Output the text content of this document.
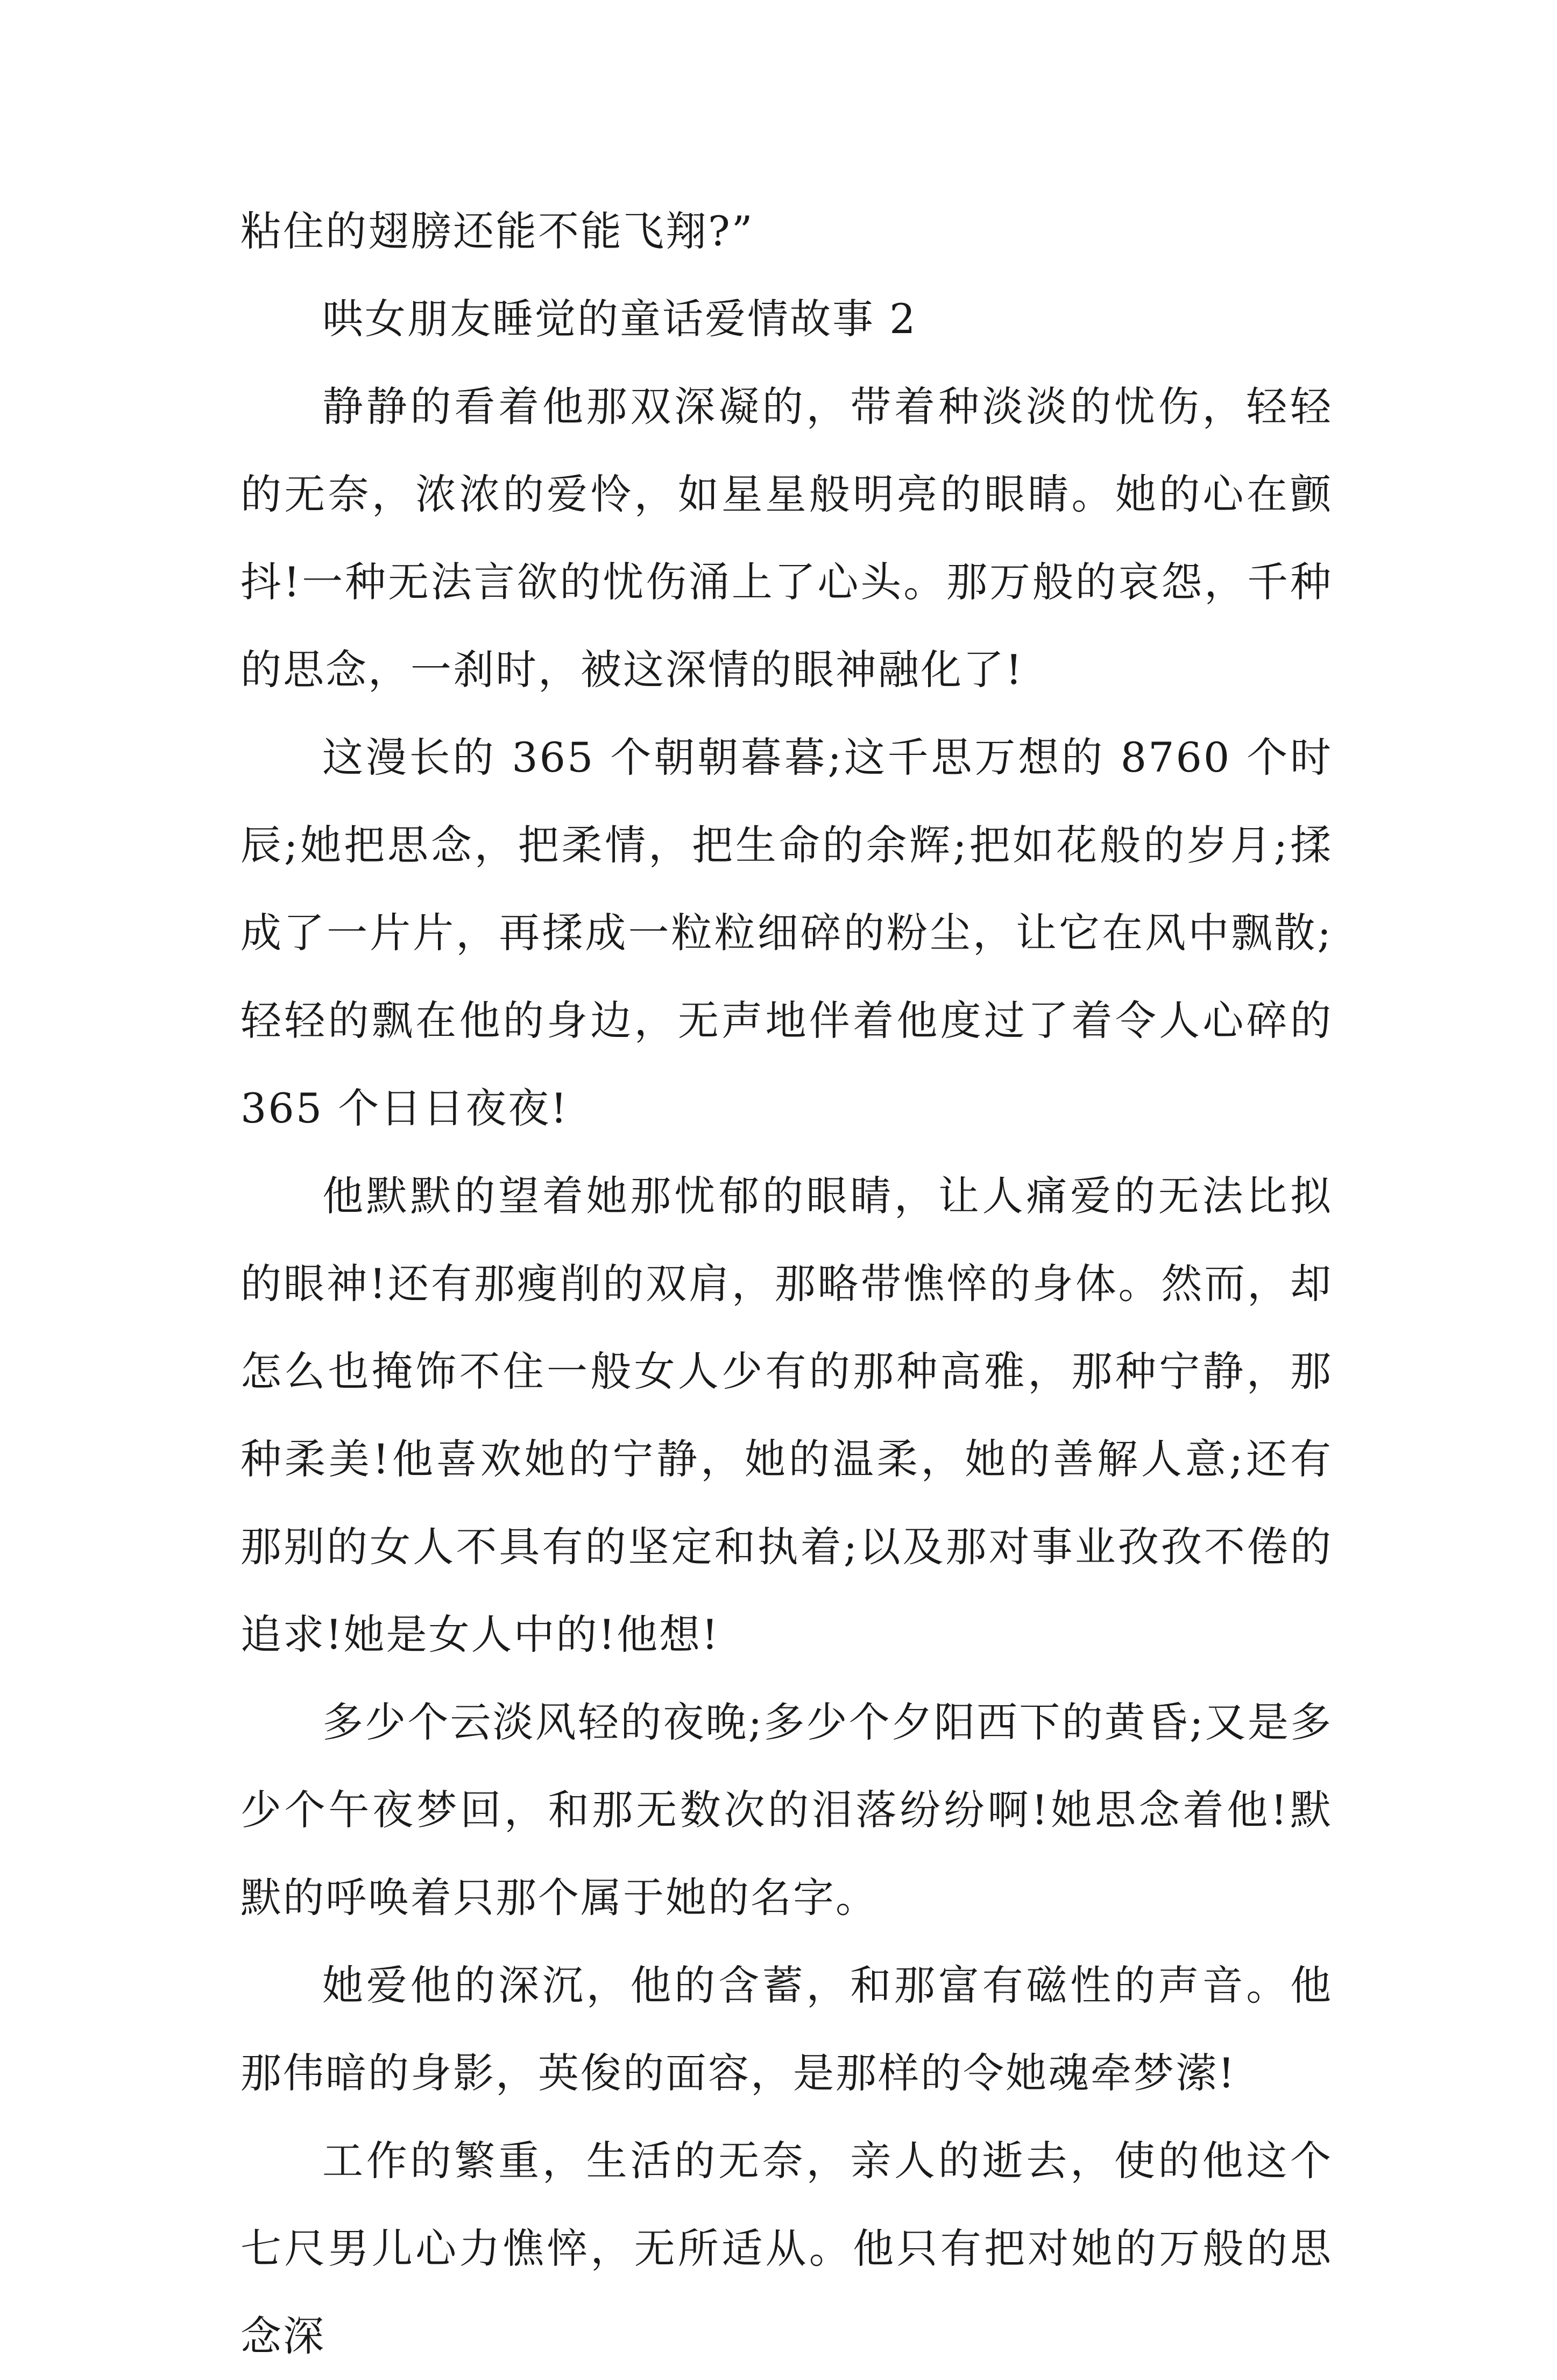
粘住的翅膀还能不能飞翔?”

哄女朋友睡觉的童话爱情故事 2

静静的看着他那双深凝的，带着种淡淡的忧伤，轻轻的无奈，浓浓的爱怜，如星星般明亮的眼睛。她的心在颤抖!一种无法言欲的忧伤涌上了心头。那万般的哀怨，千种的思念，一刹时，被这深情的眼神融化了!

这漫长的 365 个朝朝暮暮;这千思万想的 8760 个时辰;她把思念，把柔情，把生命的余辉;把如花般的岁月;揉成了一片片，再揉成一粒粒细碎的粉尘，让它在风中飘散;轻轻的飘在他的身边，无声地伴着他度过了着令人心碎的 365 个日日夜夜!

他默默的望着她那忧郁的眼睛，让人痛爱的无法比拟的眼神!还有那瘦削的双肩，那略带憔悴的身体。然而，却怎么也掩饰不住一般女人少有的那种高雅，那种宁静，那种柔美!他喜欢她的宁静，她的温柔，她的善解人意;还有那别的女人不具有的坚定和执着;以及那对事业孜孜不倦的追求!她是女人中的!他想!

多少个云淡风轻的夜晚;多少个夕阳西下的黄昏;又是多少个午夜梦回，和那无数次的泪落纷纷啊!她思念着他!默默的呼唤着只那个属于她的名字。

她爱他的深沉，他的含蓄，和那富有磁性的声音。他那伟暗的身影，英俊的面容，是那样的令她魂牵梦潆!

工作的繁重，生活的无奈，亲人的逝去，使的他这个七尺男儿心力憔悴，无所适从。他只有把对她的万般的思念深
